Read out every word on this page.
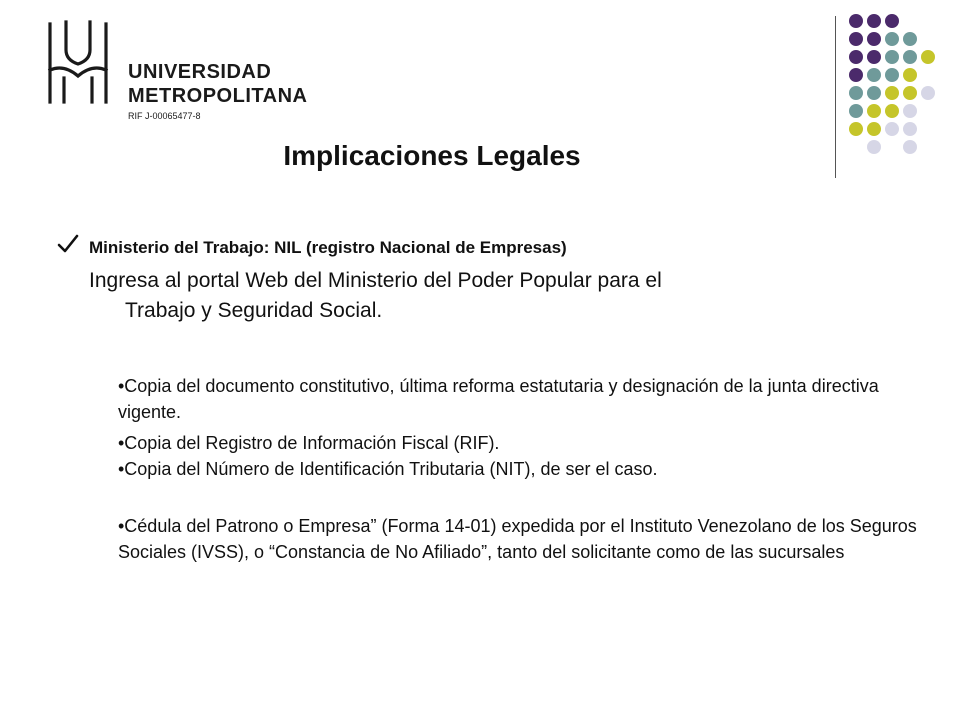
UNIVERSIDAD
METROPOLITANA
RIF J-00065477-8
Implicaciones Legales
Ministerio del Trabajo: NIL (registro Nacional de Empresas)
Ingresa al portal Web del Ministerio del Poder Popular para el
Trabajo y Seguridad Social.
•Copia del documento constitutivo, última reforma estatutaria y designación de la junta directiva vigente.
•Copia del Registro de Información Fiscal (RIF).
•Copia del Número de Identificación Tributaria (NIT), de ser el caso.
•Cédula del Patrono o Empresa” (Forma 14-01) expedida por el Instituto Venezolano de los Seguros Sociales (IVSS), o “Constancia de No Afiliado”, tanto del solicitante como de las sucursales
